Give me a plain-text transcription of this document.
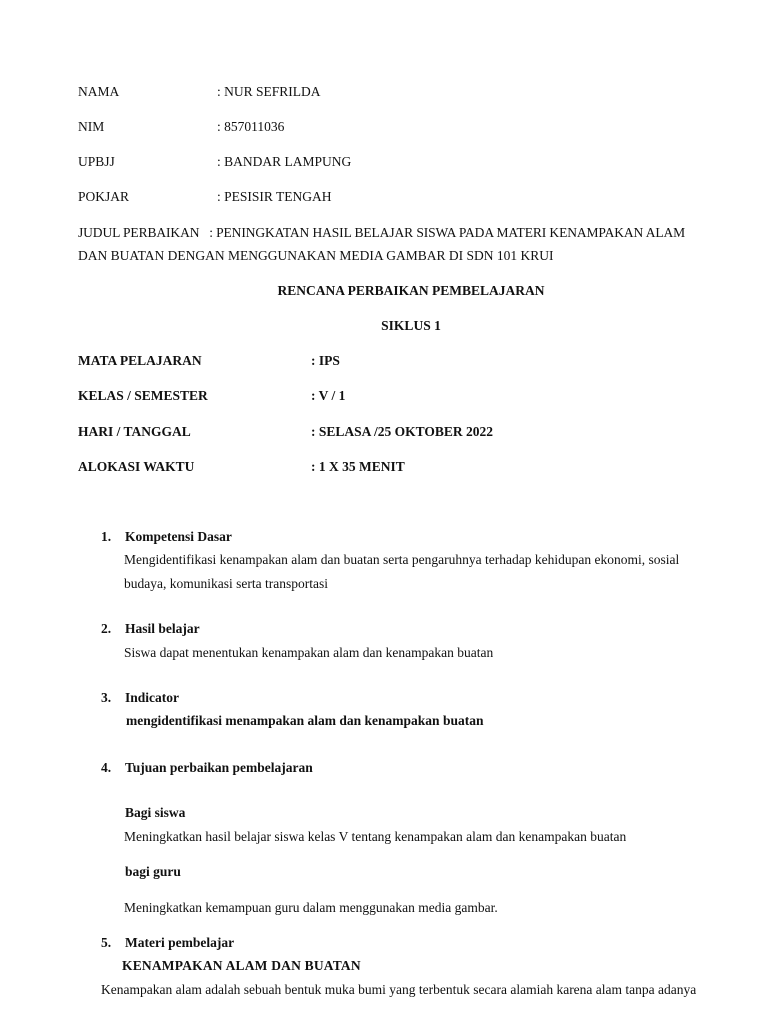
NAMA	: NUR SEFRILDA
NIM	: 857011036
UPBJJ	: BANDAR LAMPUNG
POKJAR	: PESISIR TENGAH
JUDUL PERBAIKAN   : PENINGKATAN HASIL BELAJAR SISWA PADA MATERI KENAMPAKAN ALAM
DAN BUATAN DENGAN MENGGUNAKAN MEDIA GAMBAR DI SDN 101 KRUI
RENCANA PERBAIKAN PEMBELAJARAN
SIKLUS 1
MATA PELAJARAN	: IPS
KELAS / SEMESTER	: V / 1
HARI / TANGGAL	: SELASA /25 OKTOBER 2022
ALOKASI WAKTU	: 1 X 35 MENIT
1. Kompetensi Dasar
Mengidentifikasi kenampakan alam dan buatan serta pengaruhnya terhadap kehidupan ekonomi, sosial
budaya, komunikasi serta transportasi
2. Hasil belajar
Siswa dapat menentukan kenampakan alam dan kenampakan buatan
3. Indicator
mengidentifikasi menampakan alam dan kenampakan buatan
4. Tujuan perbaikan pembelajaran
Bagi siswa
Meningkatkan hasil belajar siswa kelas V tentang kenampakan alam dan kenampakan buatan
bagi guru
Meningkatkan kemampuan guru dalam menggunakan media gambar.
5. Materi pembelajar
KENAMPAKAN ALAM DAN BUATAN
Kenampakan alam adalah sebuah bentuk muka bumi yang terbentuk secara alamiah karena alam tanpa adanya
